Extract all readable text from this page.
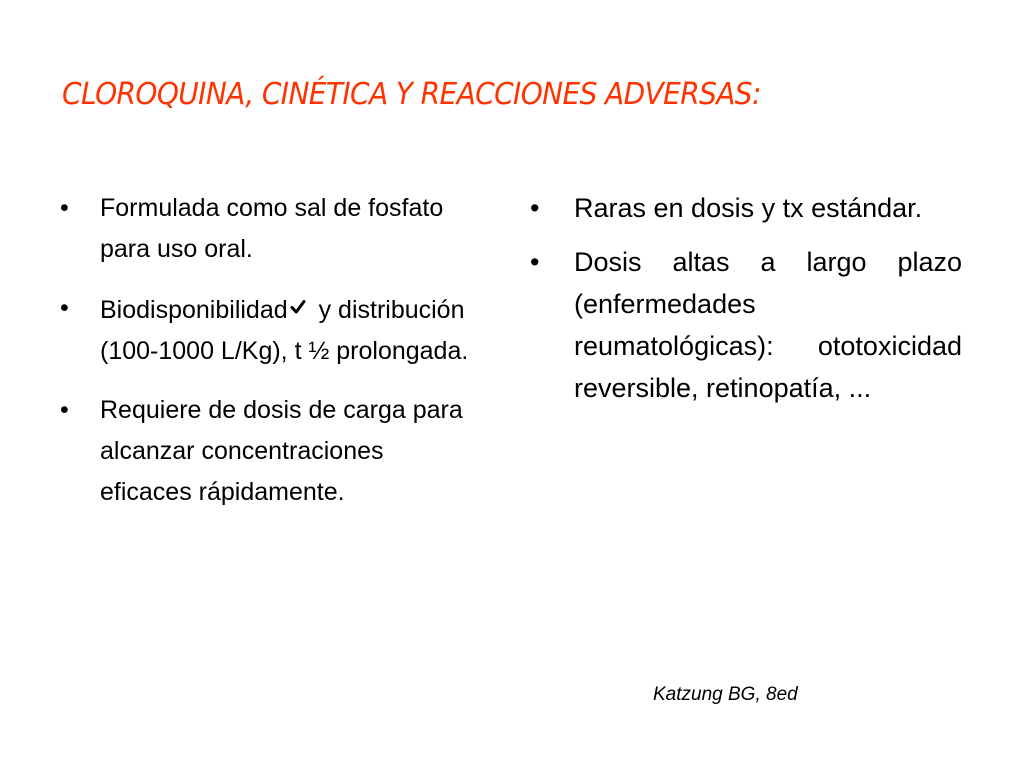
CLOROQUINA, CINÉTICA Y REACCIONES ADVERSAS:
• Formulada como sal de fosfato para uso oral.
• Biodisponibilidad y distribución (100-1000 L/Kg), t ½ prolongada.
• Requiere de dosis de carga para alcanzar concentraciones eficaces rápidamente.
• Raras en dosis y tx estándar.
• Dosis altas a largo plazo (enfermedades reumatológicas): ototoxicidad reversible, retinopatía, ...
Katzung BG, 8ed
